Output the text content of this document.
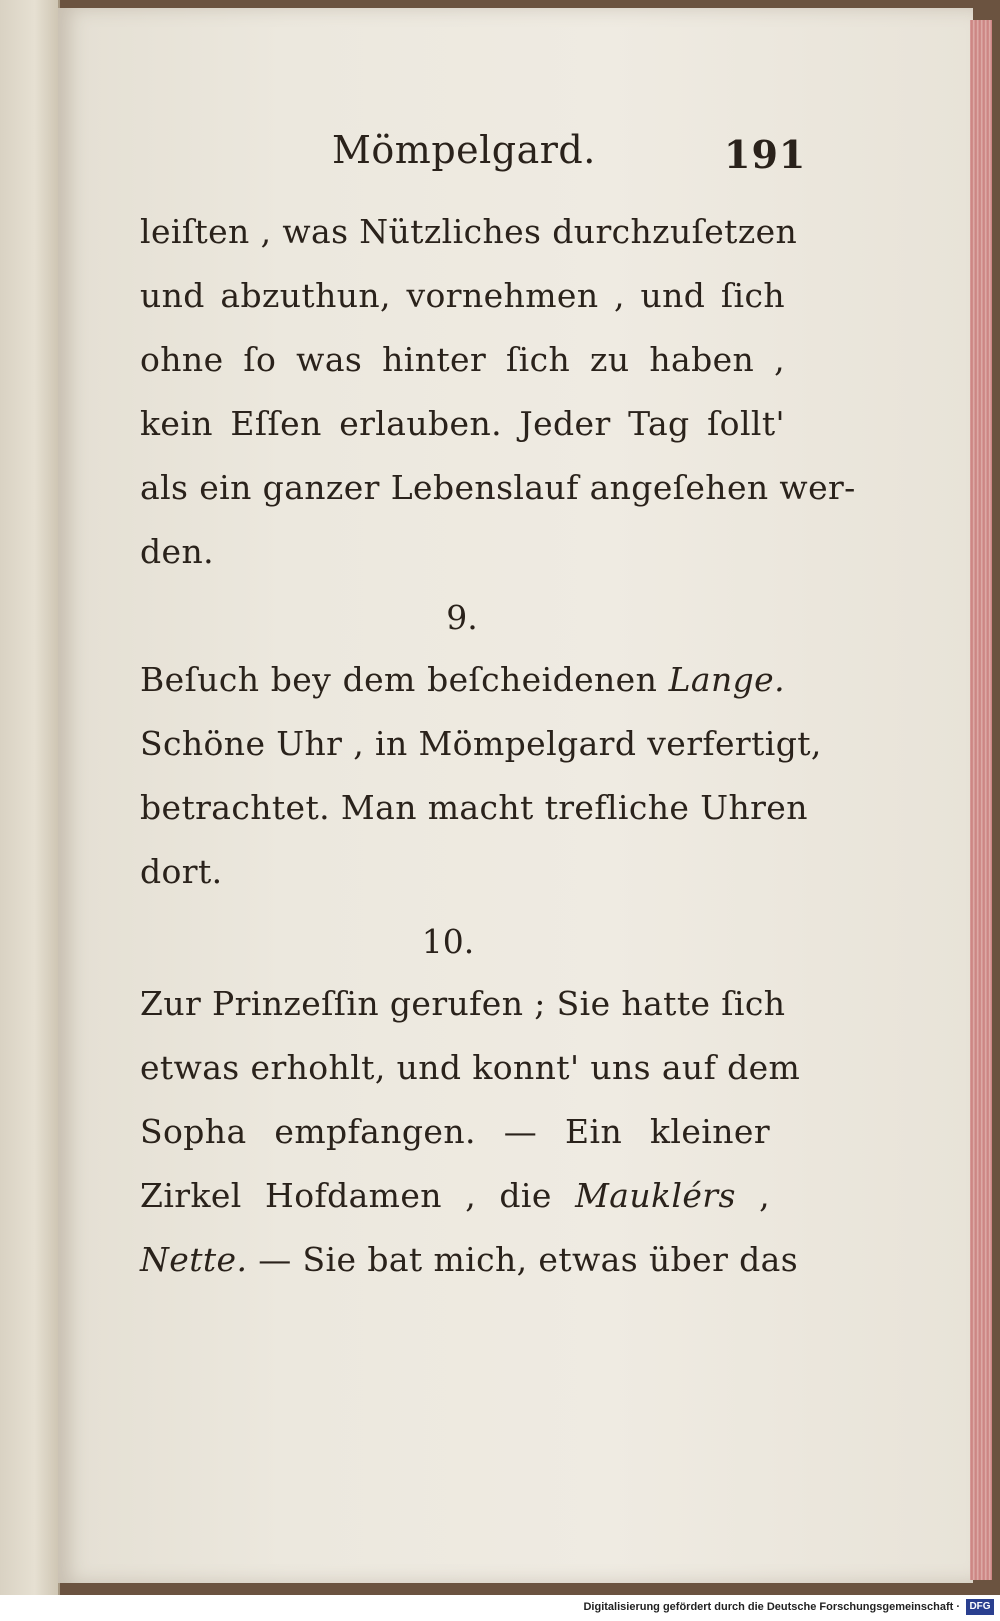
Mömpelgard.	191
leiſten , was Nützliches durchzuſetzen
und abzuthun, vornehmen , und ſich
ohne ſo was hinter ſich zu haben ,
kein Eſſen erlauben. Jeder Tag ſollt'
als ein ganzer Lebenslauf angeſehen wer-
den.
9.
Beſuch bey dem beſcheidenen Lange.
Schöne Uhr , in Mömpelgard verfertigt,
betrachtet. Man macht trefliche Uhren
dort.
10.
Zur Prinzeſſin gerufen ; Sie hatte ſich
etwas erhohlt, und konnt' uns auf dem
Sopha empfangen. — Ein kleiner
Zirkel Hofdamen , die Mauklérs ,
Nette. — Sie bat mich, etwas über das
Digitalisierung gefördert durch die Deutsche Forschungsgemeinschaft · DFG
